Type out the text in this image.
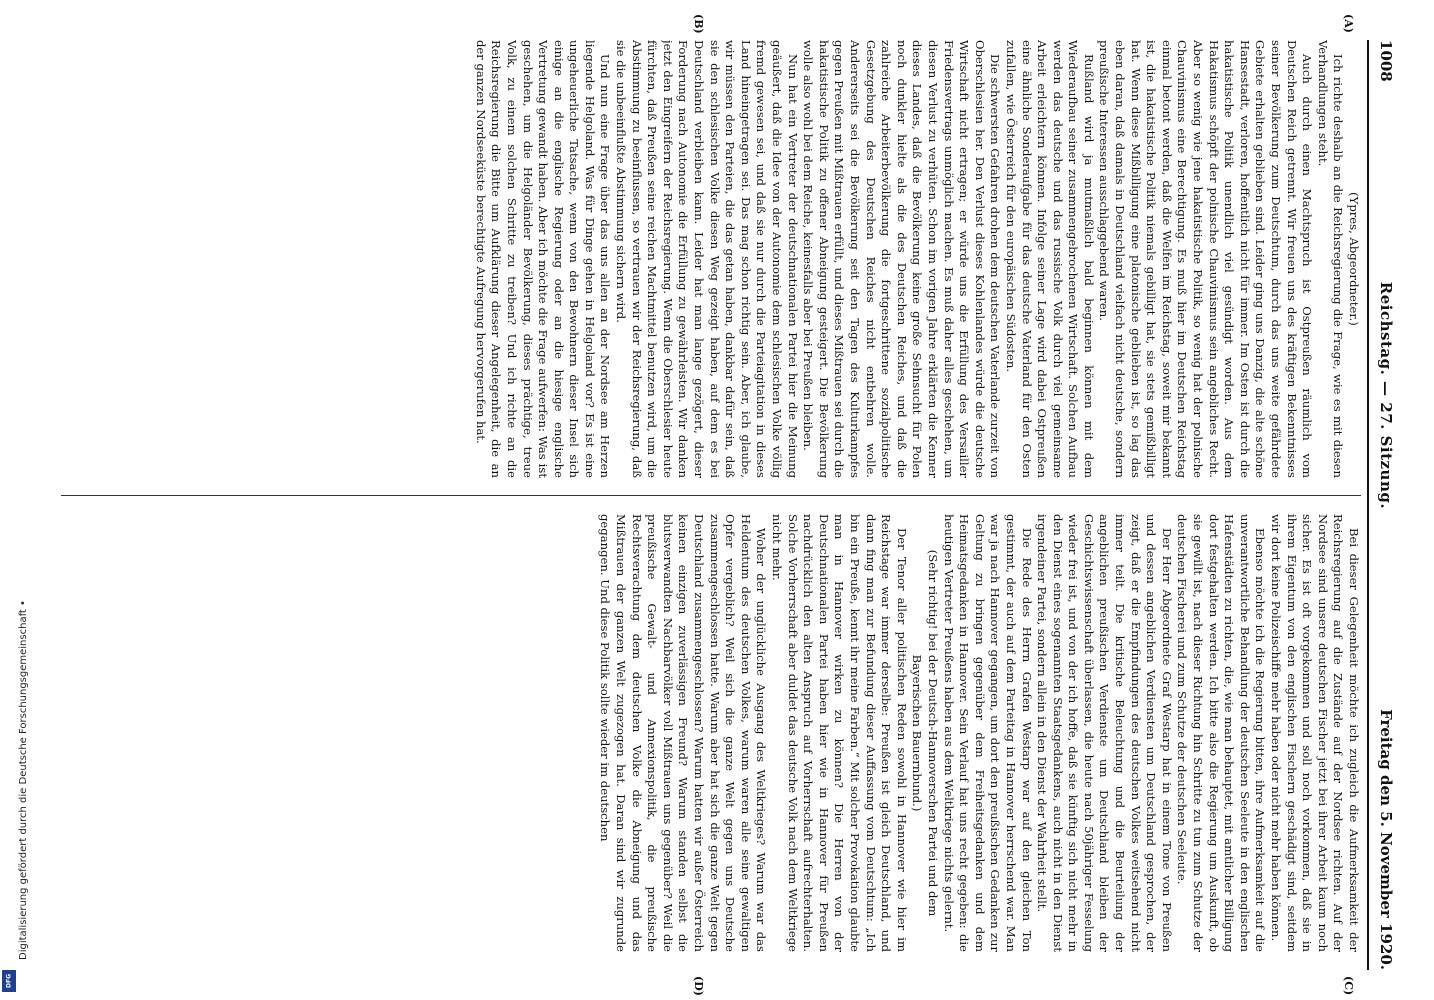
Digitalisierung gefördert durch die Deutsche Forschungsgemeinschaft •
DFG
1008
Reichstag. — 27. Sitzung.
Freitag den 5. November 1920.
(A)
(B)
(C)
(D)

(Ypres, Abgeordneter.)

Ich richte deshalb an die Reichsregierung die Frage, wie es mit diesen Verhandlungen steht.

Auch durch einen Machtspruch ist Ostpreußen räumlich vom Deutschen Reich getrennt. Wir freuen uns des kräftigen Bekenntnisses seiner Bevölkerung zum Deutschtum, durch das uns weite gefährdete Gebiete erhalten geblieben sind. Leider ging uns Danzig, die alte schöne Hansestadt, verloren, hoffentlich nicht für immer. Im Osten ist durch die hakatistische Politik unendlich viel gesündigt worden. Aus dem Hakatismus schöpft der polnische Chauvinismus sein angebliches Recht. Aber so wenig wie jene hakatistische Politik, so wenig hat der polnische Chauvinismus eine Berechtigung. Es muß hier im Deutschen Reichstag einmal betont werden, daß die Welfen im Reichstag, soweit mir bekannt ist, die hakatistische Politik niemals gebilligt hat, sie stets gemißbilligt hat. Wenn diese Mißbilligung eine platonische geblieben ist, so lag das eben daran, daß damals in Deutschland vielfach nicht deutsche, sondern preußische Interessen ausschlaggebend waren.

Rußland wird ja mutmaßlich bald beginnen können mit dem Wiederaufbau seiner zusammengebrochenen Wirtschaft. Solchen Aufbau werden das deutsche und das russische Volk durch viel gemeinsame Arbeit erleichtern können. Infolge seiner Lage wird dabei Ostpreußen eine ähnliche Sonderaufgabe für das deutsche Vaterland für den Osten zufallen, wie Österreich für den europäischen Südosten.

Die schwersten Gefahren drohen dem deutschen Vaterlande zurzeit von Oberschlesien her. Den Verlust dieses Kohlenlandes würde die deutsche Wirtschaft nicht ertragen; er würde uns die Erfüllung des Versailler Friedensvertrags unmöglich machen. Es muß daher alles geschehen, um diesen Verlust zu verhüten. Schon im vorigen Jahre erklärten die Kenner dieses Landes, daß die Bevölkerung keine große Sehnsucht für Polen noch dunkler hielte als die des Deutschen Reiches, und daß die zahlreiche Arbeiterbevölkerung die fortgeschrittene sozialpolitische Gesetzgebung des Deutschen Reiches nicht entbehren wolle. Andererseits sei die Bevölkerung seit den Tagen des Kulturkampfes gegen Preußen mit Mißtrauen erfüllt, und dieses Mißtrauen sei durch die hakatistische Politik zu offener Abneigung gesteigert. Die Bevölkerung wolle also wohl bei dem Reiche, keinesfalls aber bei Preußen bleiben.

Nun hat ein Vertreter der deutschnationalen Partei hier die Meinung geäußert, daß die Idee von der Autonomie dem schlesischen Volke völlig fremd gewesen sei, und daß sie nur durch die Parteiagitation in dieses Land hineingetragen sei. Das mag schon richtig sein. Aber, ich glaube, wir müssen den Parteien, die das getan haben, dankbar dafür sein, daß sie den schlesischen Volke diesen Weg gezeigt haben, auf dem es bei Deutschland verbleiben kann. Leider hat man lange gezögert, dieser Forderung nach Autonomie die Erfüllung zu gewährleisten. Wir danken jetzt den Eingreifern der Reichsregierung. Wenn die Oberschlesier heute fürchten, daß Preußen seine reichen Machtmittel benutzen wird, um die Abstimmung zu beeinflussen, so vertrauen wir der Reichsregierung, daß sie die unbeeinflußte Abstimmung sichern wird.

Und nun eine Frage über das uns allen an der Nordsee am Herzen liegende Helgoland. Was für Dinge gehen in Helgoland vor? Es ist eine ungeheuerliche Tatsache, wenn von den Bewohnern dieser Insel sich einige an die englische Regierung oder an die hiesige englische Vertretung gewandt haben. Aber ich möchte die Frage aufwerfen: Was ist geschehen, um die Helgoländer Bevölkerung, dieses prächtige, treue Volk, zu einem solchen Schritte zu treiben? Und ich richte an die Reichsregierung die Bitte um Aufklärung dieser Angelegenheit, die an der ganzen Nordseeküste berechtigte Aufregung hervorgerufen hat.

Bei dieser Gelegenheit möchte ich zugleich die Aufmerksamkeit der Reichsregierung auf die Zustände auf der Nordsee richten. Auf der Nordsee sind unsere deutschen Fischer jetzt bei ihrer Arbeit kaum noch sicher. Es ist oft vorgekommen und soll noch vorkommen, daß sie in ihrem Eigentum von den englischen Fischern geschädigt sind, seitdem wir dort keine Polizeischiffe mehr haben oder nicht mehr haben können.

Ebenso möchte ich die Regierung bitten, ihre Aufmerksamkeit auf die unverantwortliche Behandlung der deutschen Seeleute in den englischen Hafenstädten zu richten, die, wie man behauptet, mit amtlicher Billigung dort festgehalten werden. Ich bitte also die Regierung um Auskunft, ob sie gewillt ist, nach dieser Richtung hin Schritte zu tun zum Schutze der deutschen Fischerei und zum Schutze der deutschen Seeleute.

Der Herr Abgeordnete Graf Westarp hat in einem Tone von Preußen und dessen angeblichen Verdiensten um Deutschland gesprochen, der zeigt, daß er die Empfindungen des deutschen Volkes weitsehend nicht immer teilt. Die kritische Beleuchtung und die Beurteilung der angeblichen preußischen Verdienste um Deutschland bleiben der Geschichtswissenschaft überlassen, die heute nach 50jähriger Fesselung wieder frei ist, und von der ich hoffe, daß sie künftig sich nicht mehr in den Dienst eines sogenannten Staatsgedankens, auch nicht in den Dienst irgendeiner Partei, sondern allein in den Dienst der Wahrheit stellt.

Die Rede des Herrn Grafen Westarp war auf den gleichen Ton gestimmt, der auch auf dem Parteitag in Hannover herrschend war. Man war ja nach Hannover gegangen, um dort den preußischen Gedanken zur Geltung zu bringen gegenüber dem Freiheitsgedanken und dem Heimatsgedanken in Hannover. Sein Verlauf hat uns recht gegeben: die heutigen Vertreter Preußens haben aus dem Weltkriege nichts gelernt.

(Sehr richtig! bei der Deutsch-Hannoverschen Partei und dem Bayerischen Bauernbund.)

Der Tenor aller politischen Reden sowohl in Hannover wie hier im Reichstage war immer derselbe: Preußen ist gleich Deutschland, und dann fing man zur Befundung dieser Auffassung vom Deutschtum: „Ich bin ein Preuße, kennt ihr meine Farben.“ Mit solcher Provokation glaubte man in Hannover wirken zu können? Die Herren von der Deutschnationalen Partei haben hier wie in Hannover für Preußen nachdrücklich den alten Anspruch auf Vorherrschaft aufrechterhalten. Solche Vorherrschaft aber duldet das deutsche Volk nach dem Weltkriege nicht mehr.

Woher der unglückliche Ausgang des Weltkrieges? Warum war das Heldentum des deutschen Volkes, warum waren alle seine gewaltigen Opfer vergeblich? Weil sich die ganze Welt gegen uns Deutsche zusammengeschlossen hatte. Warum aber hat sich die ganze Welt gegen Deutschland zusammengeschlossen? Warum hatten wir außer Österreich keinen einzigen zuverlässigen Freund? Warum standen selbst die blutsverwandten Nachbarvölker voll Mißtrauen uns gegenüber? Weil die preußische Gewalt- und Annexionspolitik, die preußische Rechtsverachtung dem deutschen Volke die Abneigung und das Mißtrauen der ganzen Welt zugezogen hat. Daran sind wir zugrunde gegangen. Und diese Politik sollte wieder im deutschen
